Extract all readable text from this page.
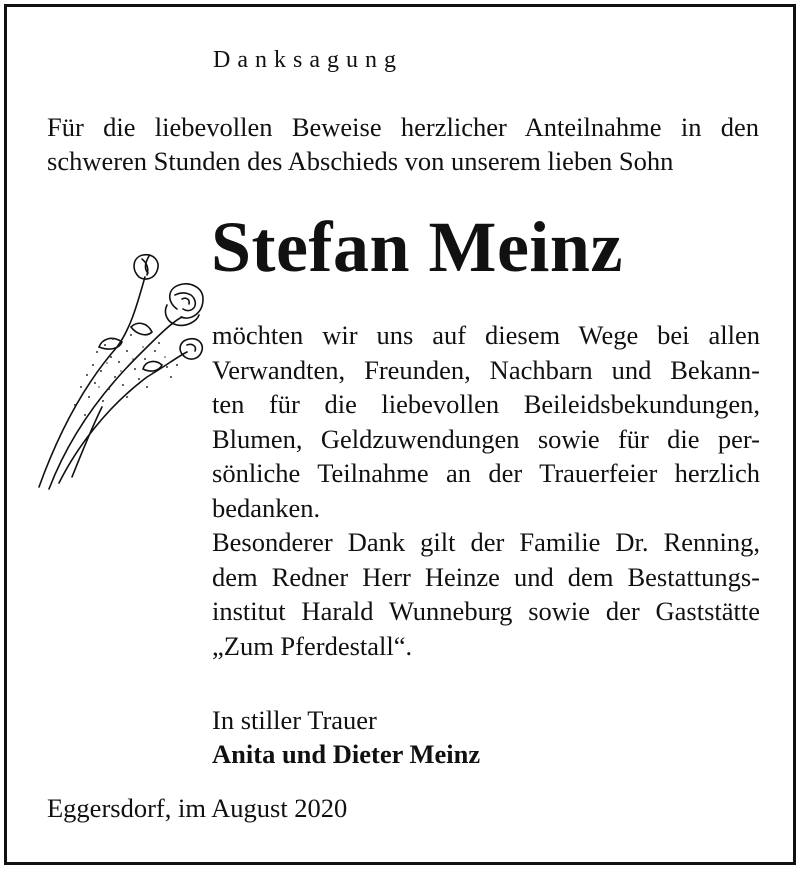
Danksagung

Für die liebevollen Beweise herzlicher Anteilnahme in den
schweren Stunden des Abschieds von unserem lieben Sohn

Stefan Meinz

möchten wir uns auf diesem Wege bei allen
Verwandten, Freunden, Nachbarn und Bekann-
ten für die liebevollen Beileidsbekundungen,
Blumen, Geldzuwendungen sowie für die per-
sönliche Teilnahme an der Trauerfeier herzlich
bedanken.
Besonderer Dank gilt der Familie Dr. Renning,
dem Redner Herr Heinze und dem Bestattungs-
institut Harald Wunneburg sowie der Gaststätte
„Zum Pferdestall“.

In stiller Trauer
Anita und Dieter Meinz

Eggersdorf, im August 2020
